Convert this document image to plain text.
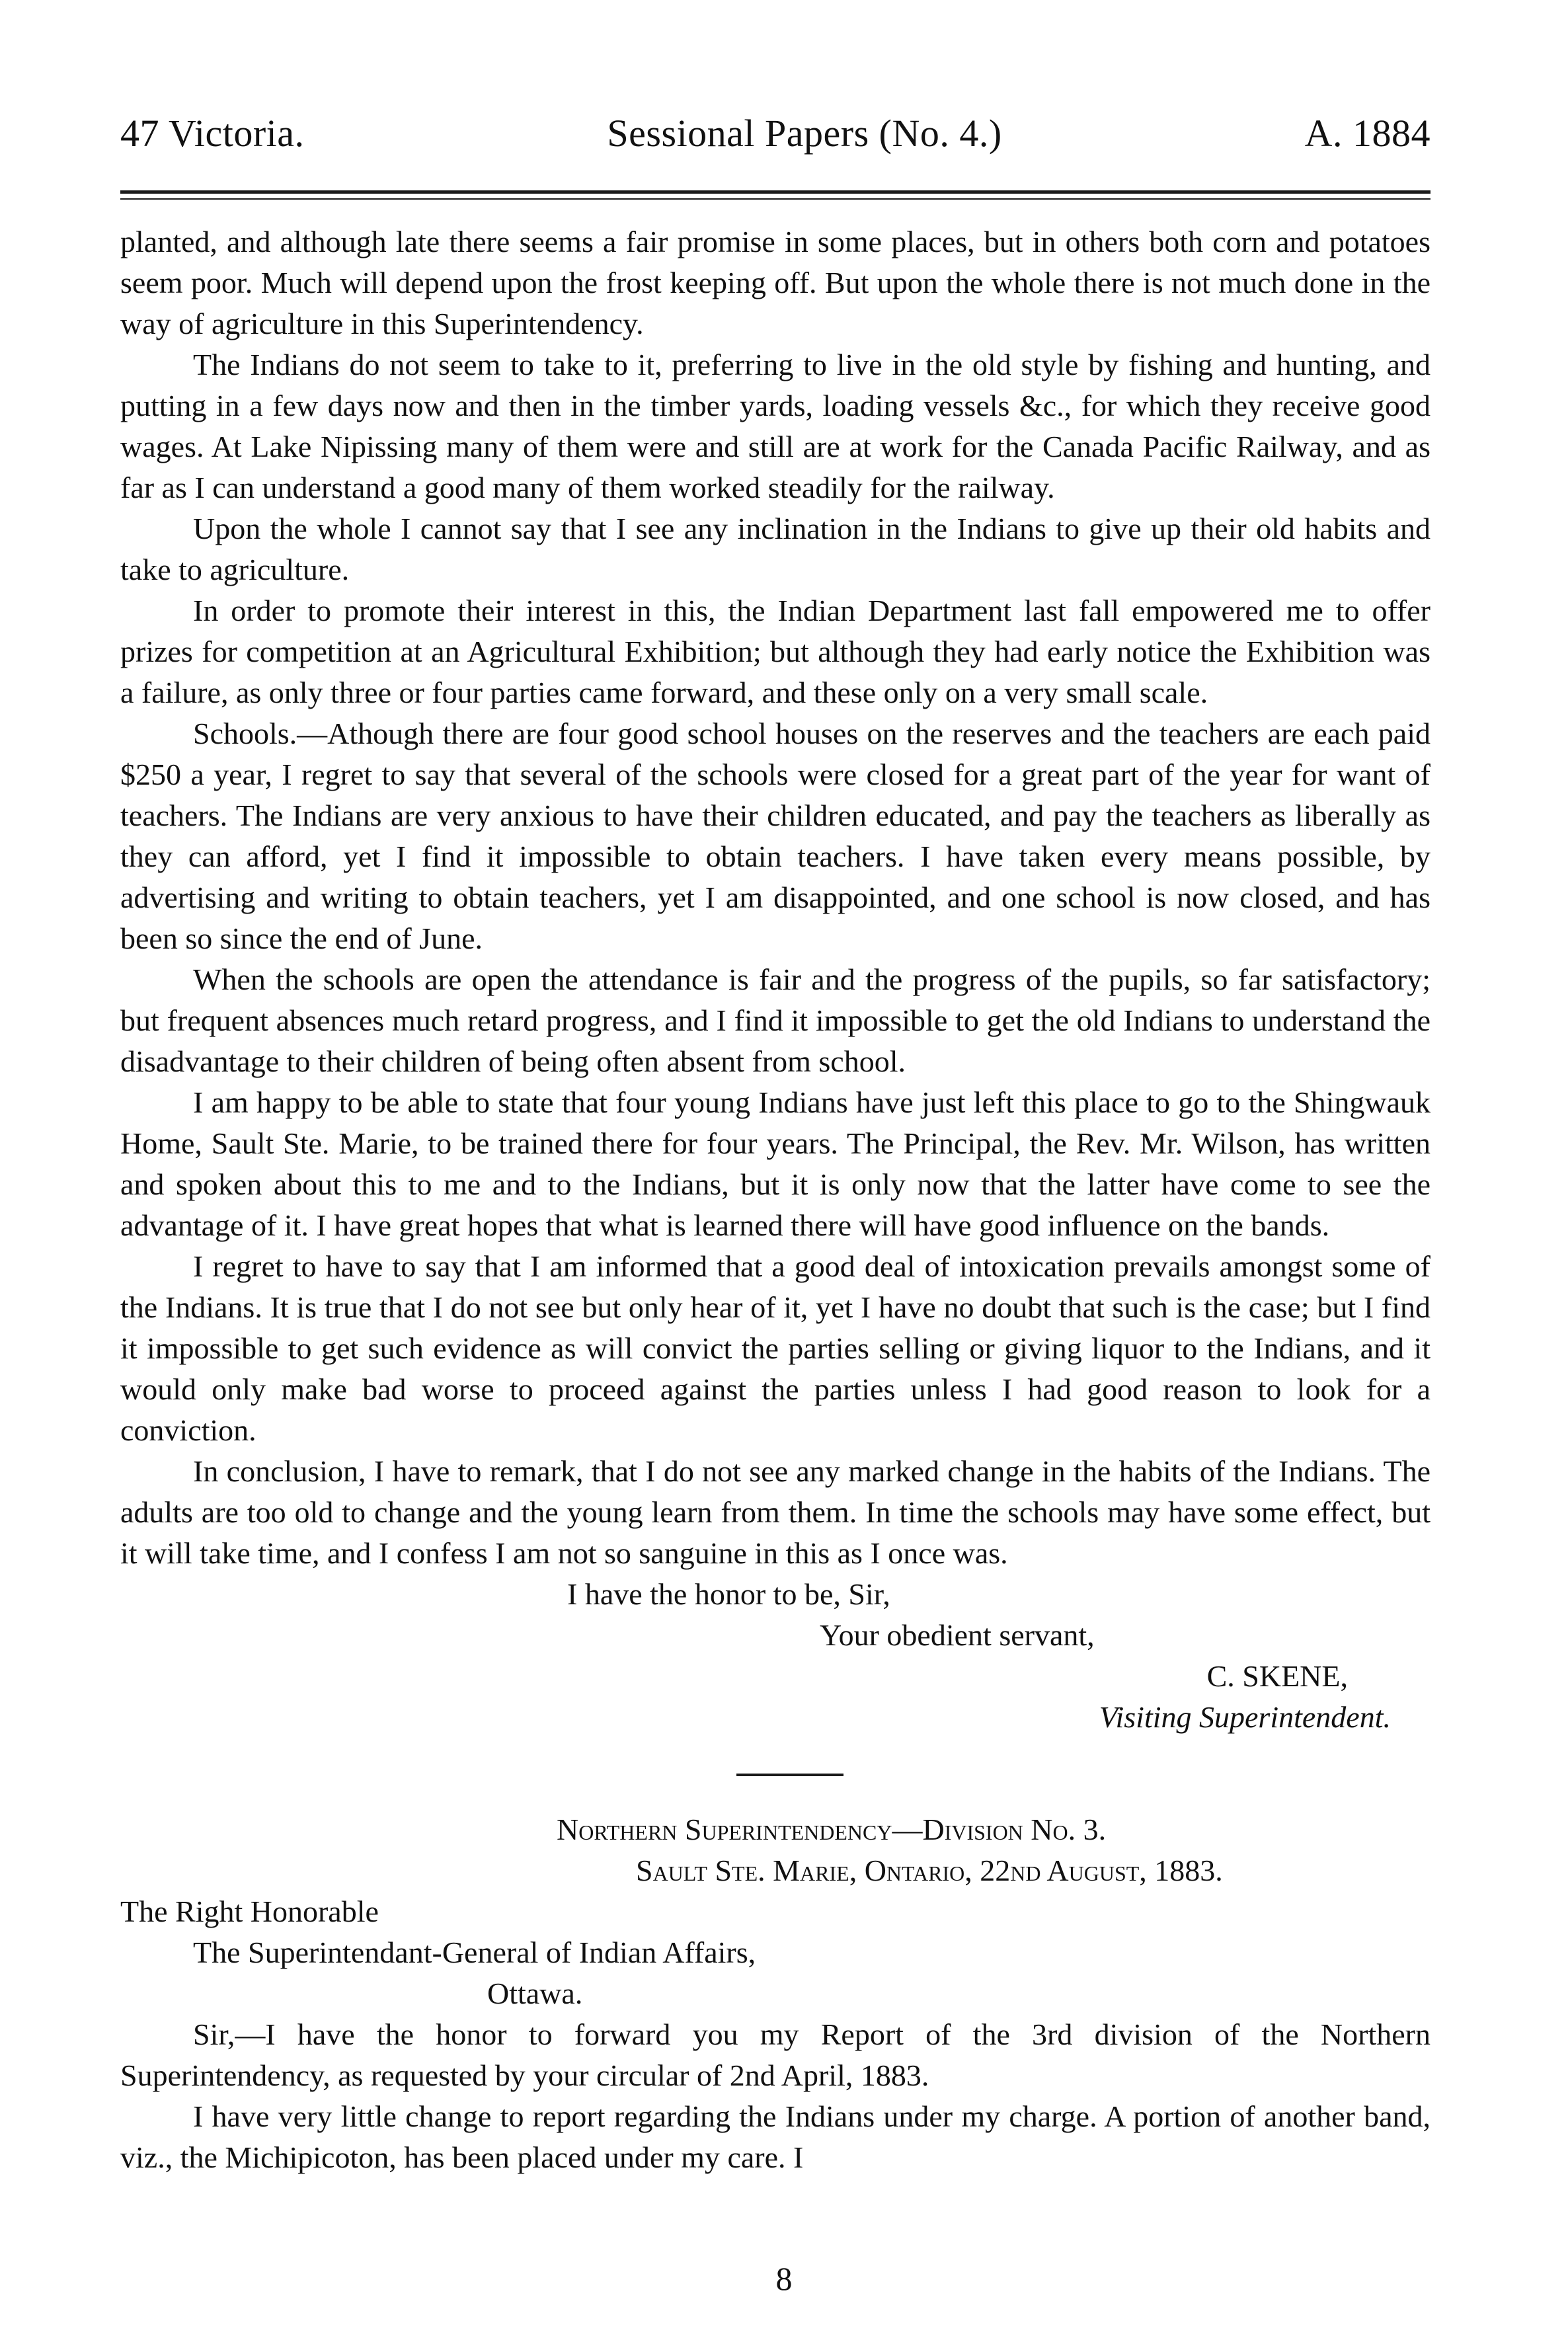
47 Victoria.	Sessional Papers (No. 4.)	A. 1884

planted, and although late there seems a fair promise in some places, but in others both corn and potatoes seem poor. Much will depend upon the frost keeping off. But upon the whole there is not much done in the way of agriculture in this Superintendency.

The Indians do not seem to take to it, preferring to live in the old style by fishing and hunting, and putting in a few days now and then in the timber yards, loading vessels &c., for which they receive good wages. At Lake Nipissing many of them were and still are at work for the Canada Pacific Railway, and as far as I can understand a good many of them worked steadily for the railway.

Upon the whole I cannot say that I see any inclination in the Indians to give up their old habits and take to agriculture.

In order to promote their interest in this, the Indian Department last fall empowered me to offer prizes for competition at an Agricultural Exhibition; but although they had early notice the Exhibition was a failure, as only three or four parties came forward, and these only on a very small scale.

Schools.—Athough there are four good school houses on the reserves and the teachers are each paid $250 a year, I regret to say that several of the schools were closed for a great part of the year for want of teachers. The Indians are very anxious to have their children educated, and pay the teachers as liberally as they can afford, yet I find it impossible to obtain teachers. I have taken every means possible, by advertising and writing to obtain teachers, yet I am disappointed, and one school is now closed, and has been so since the end of June.

When the schools are open the attendance is fair and the progress of the pupils, so far satisfactory; but frequent absences much retard progress, and I find it impossible to get the old Indians to understand the disadvantage to their children of being often absent from school.

I am happy to be able to state that four young Indians have just left this place to go to the Shingwauk Home, Sault Ste. Marie, to be trained there for four years. The Principal, the Rev. Mr. Wilson, has written and spoken about this to me and to the Indians, but it is only now that the latter have come to see the advantage of it. I have great hopes that what is learned there will have good influence on the bands.

I regret to have to say that I am informed that a good deal of intoxication prevails amongst some of the Indians. It is true that I do not see but only hear of it, yet I have no doubt that such is the case; but I find it impossible to get such evidence as will convict the parties selling or giving liquor to the Indians, and it would only make bad worse to proceed against the parties unless I had good reason to look for a conviction.

In conclusion, I have to remark, that I do not see any marked change in the habits of the Indians. The adults are too old to change and the young learn from them. In time the schools may have some effect, but it will take time, and I confess I am not so sanguine in this as I once was.

I have the honor to be, Sir,

Your obedient servant,

C. SKENE,

Visiting Superintendent.

Northern Superintendency—Division No. 3.

Sault Ste. Marie, Ontario, 22nd August, 1883.

The Right Honorable

The Superintendant-General of Indian Affairs,

Ottawa.

Sir,—I have the honor to forward you my Report of the 3rd division of the Northern Superintendency, as requested by your circular of 2nd April, 1883.

I have very little change to report regarding the Indians under my charge. A portion of another band, viz., the Michipicoton, has been placed under my care. I

8
